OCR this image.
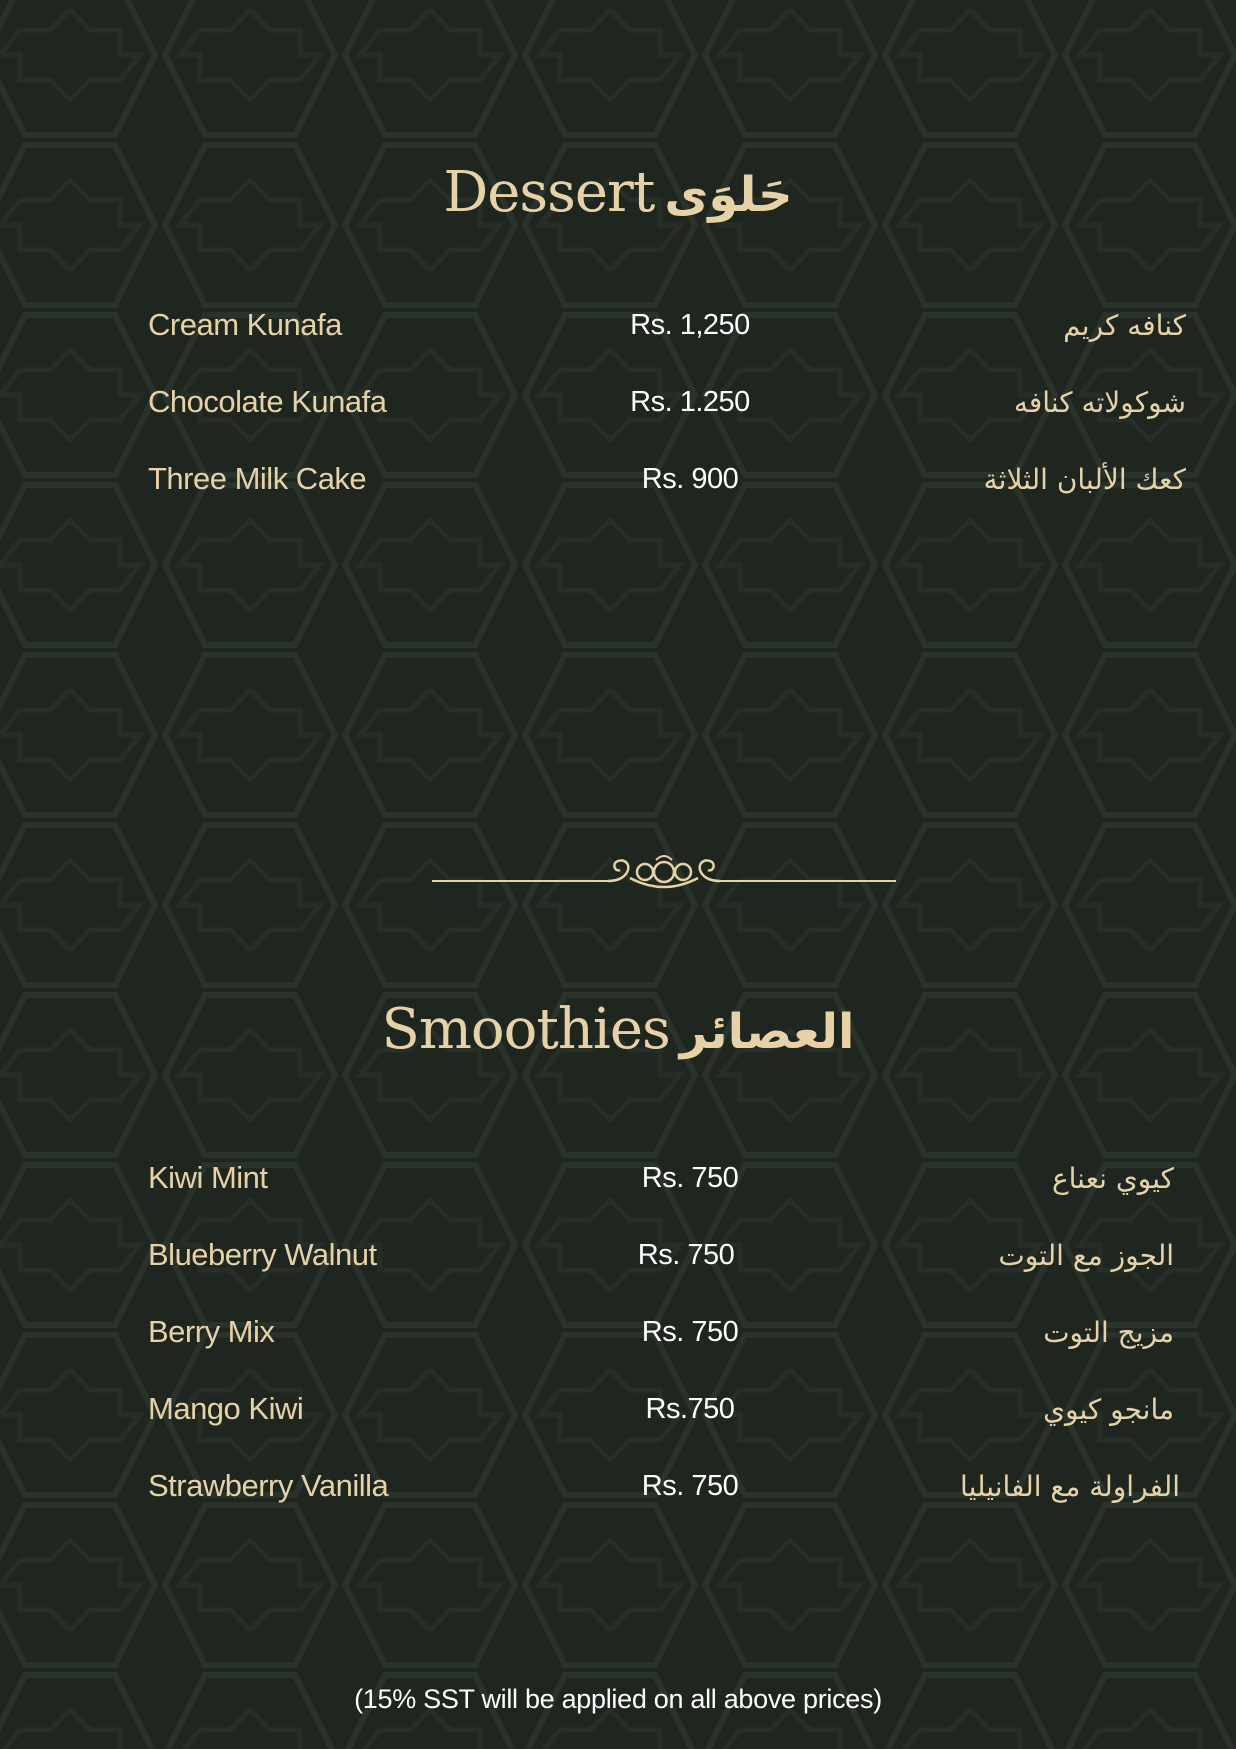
Dessert حَلوَى
Cream Kunafa	Rs. 1,250	كنافه كريم
Chocolate Kunafa	Rs. 1.250	شوكولاته كنافه
Three Milk Cake	Rs. 900	كعك الألبان الثلاثة
Smoothies العصائر
Kiwi Mint	Rs. 750	كيوي نعناع
Blueberry Walnut	Rs. 750	الجوز مع التوت
Berry Mix	Rs. 750	مزيج التوت
Mango Kiwi	Rs.750	مانجو كيوي
Strawberry Vanilla	Rs. 750	الفراولة مع الفانيليا
(15% SST will be applied on all above prices)
